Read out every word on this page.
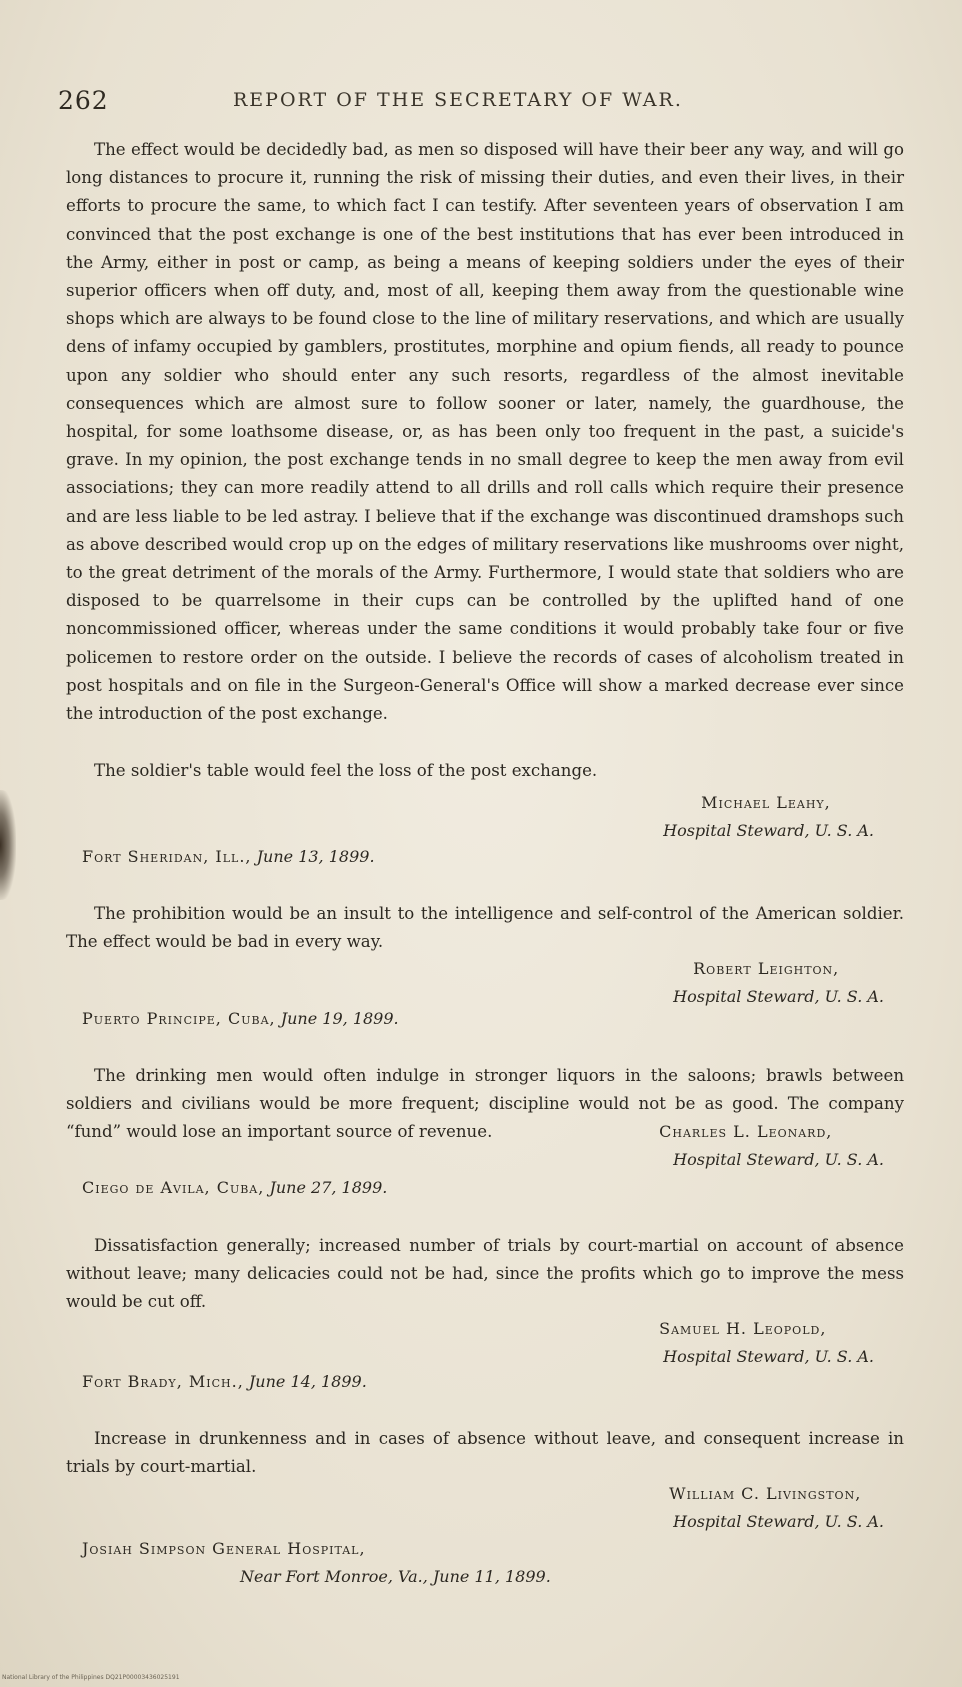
262	REPORT OF THE SECRETARY OF WAR.

The effect would be decidedly bad, as men so disposed will have their beer any way, and will go long distances to procure it, running the risk of missing their duties, and even their lives, in their efforts to procure the same, to which fact I can testify. After seventeen years of observation I am convinced that the post exchange is one of the best institutions that has ever been introduced in the Army, either in post or camp, as being a means of keeping soldiers under the eyes of their superior officers when off duty, and, most of all, keeping them away from the questionable wine shops which are always to be found close to the line of military reservations, and which are usually dens of infamy occupied by gamblers, prostitutes, morphine and opium fiends, all ready to pounce upon any soldier who should enter any such resorts, regardless of the almost inevitable consequences which are almost sure to follow sooner or later, namely, the guardhouse, the hospital, for some loathsome disease, or, as has been only too frequent in the past, a suicide's grave. In my opinion, the post exchange tends in no small degree to keep the men away from evil associations; they can more readily attend to all drills and roll calls which require their presence and are less liable to be led astray. I believe that if the exchange was discontinued dramshops such as above described would crop up on the edges of military reservations like mushrooms over night, to the great detriment of the morals of the Army. Furthermore, I would state that soldiers who are disposed to be quarrelsome in their cups can be controlled by the uplifted hand of one noncommissioned officer, whereas under the same conditions it would probably take four or five policemen to restore order on the outside. I believe the records of cases of alcoholism treated in post hospitals and on file in the Surgeon-General's Office will show a marked decrease ever since the introduction of the post exchange.

The soldier's table would feel the loss of the post exchange.

Michael Leahy,
Hospital Steward, U. S. A.
Fort Sheridan, Ill., June 13, 1899.

The prohibition would be an insult to the intelligence and self-control of the American soldier. The effect would be bad in every way.

Robert Leighton,
Hospital Steward, U. S. A.
Puerto Principe, Cuba, June 19, 1899.

The drinking men would often indulge in stronger liquors in the saloons; brawls between soldiers and civilians would be more frequent; discipline would not be as good. The company “fund” would lose an important source of revenue.	Charles L. Leonard,
Hospital Steward, U. S. A.
Ciego de Avila, Cuba, June 27, 1899.

Dissatisfaction generally; increased number of trials by court-martial on account of absence without leave; many delicacies could not be had, since the profits which go to improve the mess would be cut off.

Samuel H. Leopold,
Hospital Steward, U. S. A.
Fort Brady, Mich., June 14, 1899.

Increase in drunkenness and in cases of absence without leave, and consequent increase in trials by court-martial.

William C. Livingston,
Hospital Steward, U. S. A.
Josiah Simpson General Hospital,
Near Fort Monroe, Va., June 11, 1899.
National Library of the Philippines DQ21P00003436025191
